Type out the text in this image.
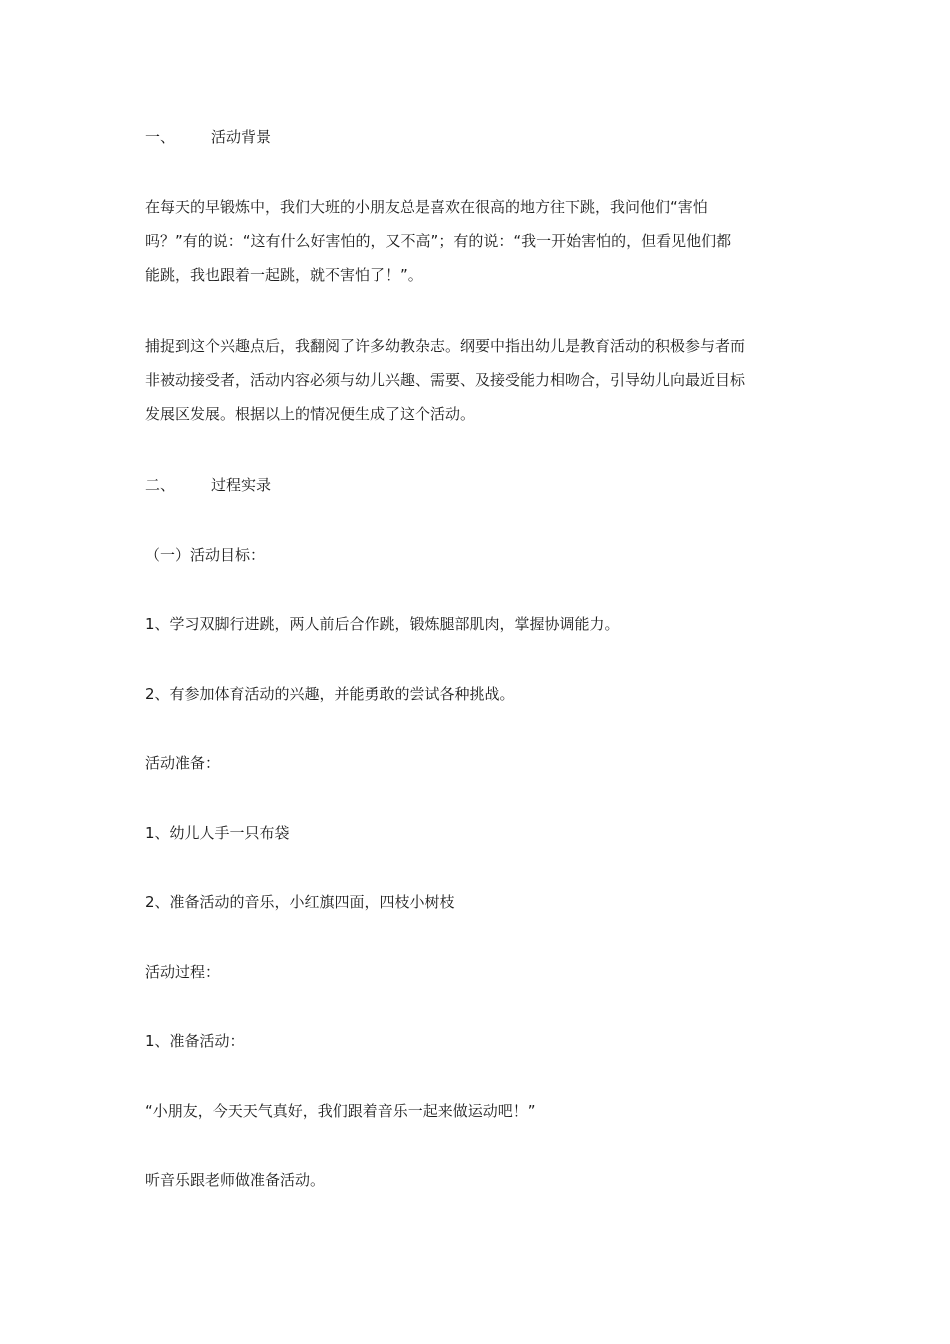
一、 活动背景
在每天的早锻炼中，我们大班的小朋友总是喜欢在很高的地方往下跳，我问他们“害怕
吗？”有的说：“这有什么好害怕的，又不高”；有的说：“我一开始害怕的，但看见他们都
能跳，我也跟着一起跳，就不害怕了！”。
捕捉到这个兴趣点后，我翻阅了许多幼教杂志。纲要中指出幼儿是教育活动的积极参与者而
非被动接受者，活动内容必须与幼儿兴趣、需要、及接受能力相吻合，引导幼儿向最近目标
发展区发展。根据以上的情况便生成了这个活动。
二、 过程实录
（一）活动目标：
1、学习双脚行进跳，两人前后合作跳，锻炼腿部肌肉，掌握协调能力。
2、有参加体育活动的兴趣，并能勇敢的尝试各种挑战。
活动准备：
1、幼儿人手一只布袋
2、准备活动的音乐，小红旗四面，四枝小树枝
活动过程：
1、准备活动：
“小朋友，今天天气真好，我们跟着音乐一起来做运动吧！”
听音乐跟老师做准备活动。
